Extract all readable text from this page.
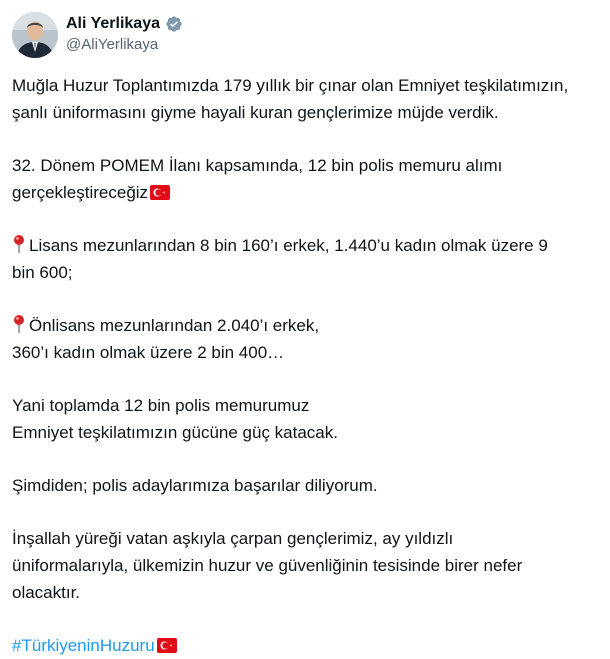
Ali Yerlikaya
@AliYerlikaya

Muğla Huzur Toplantımızda 179 yıllık bir çınar olan Emniyet teşkilatımızın,
şanlı üniformasını giyme hayali kuran gençlerimize müjde verdik.

32. Dönem POMEM İlanı kapsamında, 12 bin polis memuru alımı
gerçekleştireceğiz

Lisans mezunlarından 8 bin 160’ı erkek, 1.440’u kadın olmak üzere 9
bin 600;

Önlisans mezunlarından 2.040’ı erkek,
360’ı kadın olmak üzere 2 bin 400…

Yani toplamda 12 bin polis memurumuz
Emniyet teşkilatımızın gücüne güç katacak.

Şimdiden; polis adaylarımıza başarılar diliyorum.

İnşallah yüreği vatan aşkıyla çarpan gençlerimiz, ay yıldızlı
üniformalarıyla, ülkemizin huzur ve güvenliğinin tesisinde birer nefer
olacaktır.

#TürkiyeninHuzuru
